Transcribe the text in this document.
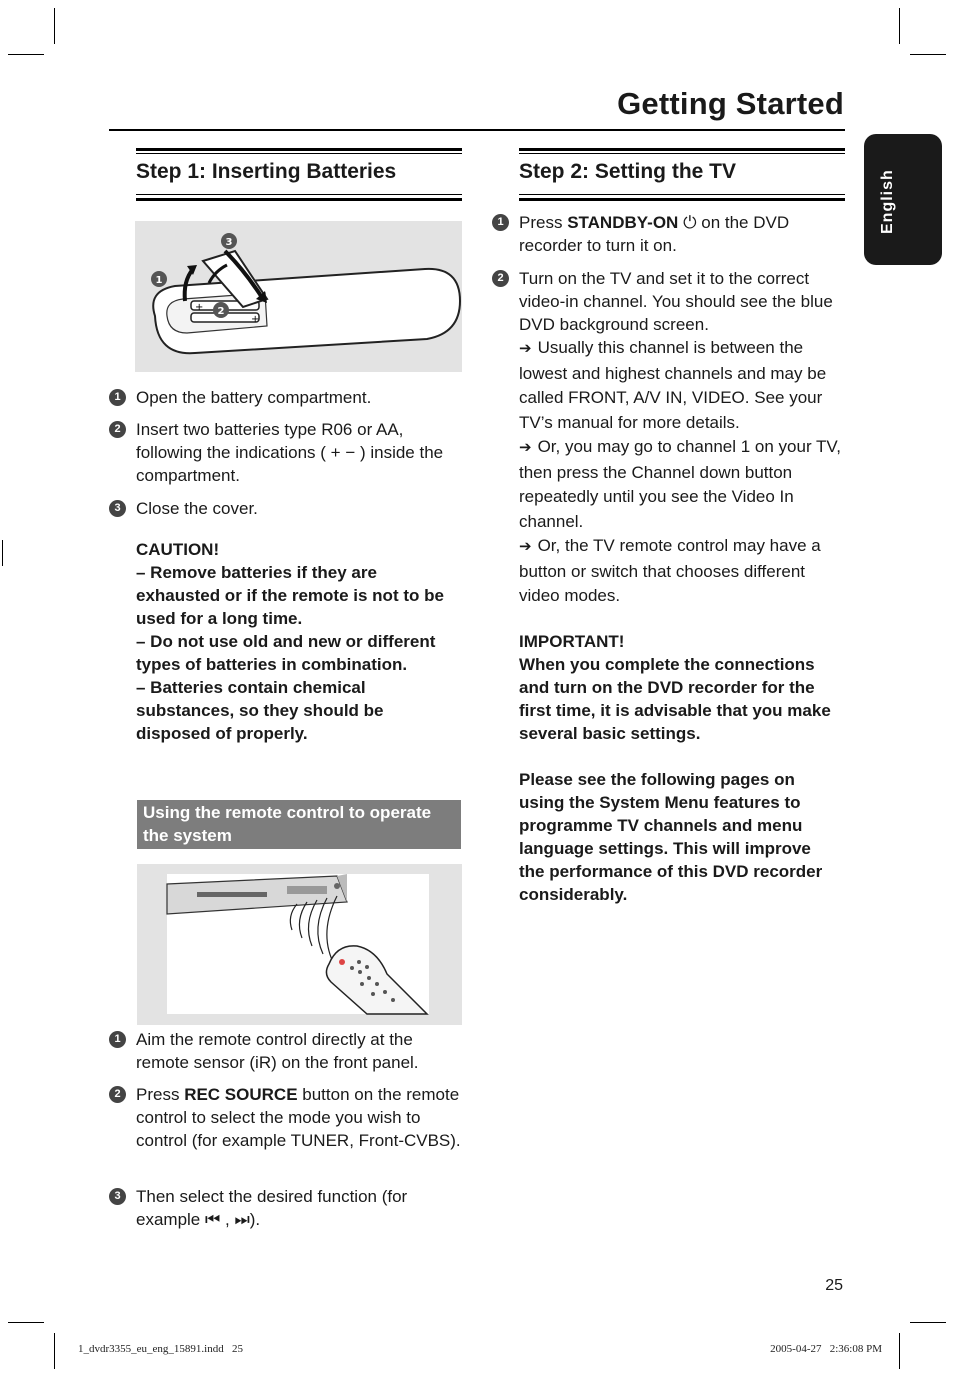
Getting Started
English
Step 1: Inserting Batteries
+
+
1
2
3
1 Open the battery compartment.
2 Insert two batteries type R06 or AA, following the indications ( + − ) inside the compartment.
3 Close the cover.

CAUTION!

– Remove batteries if they are exhausted or if the remote is not to be used for a long time.

– Do not use old and new or different types of batteries in combination.

– Batteries contain chemical substances, so they should be disposed of properly.

Using the remote control to operate the system
1 Aim the remote control directly at the remote sensor (iR) on the front panel.
2 Press REC SOURCE button on the remote control to select the mode you wish to control (for example TUNER, Front-CVBS).
3 Then select the desired function (for example ⏮ , ⏭).
Step 2: Setting the TV
1 Press STANDBY-ON ⏻ on the DVD recorder to turn it on.
2 Turn on the TV and set it to the correct video-in channel. You should see the blue DVD background screen.
➔ Usually this channel is between the lowest and highest channels and may be called FRONT, A/V IN, VIDEO. See your TV’s manual for more details.
➔ Or, you may go to channel 1 on your TV, then press the Channel down button repeatedly until you see the Video In channel.
➔ Or, the TV remote control may have a button or switch that chooses different video modes.

IMPORTANT!

When you complete the connections and turn on the DVD recorder for the first time, it is advisable that you make several basic settings.

Please see the following pages on using the System Menu features to programme TV channels and menu language settings. This will improve the performance of this DVD recorder considerably.

25
1_dvdr3355_eu_eng_15891.indd   25	2005-04-27   2:36:08 PM
